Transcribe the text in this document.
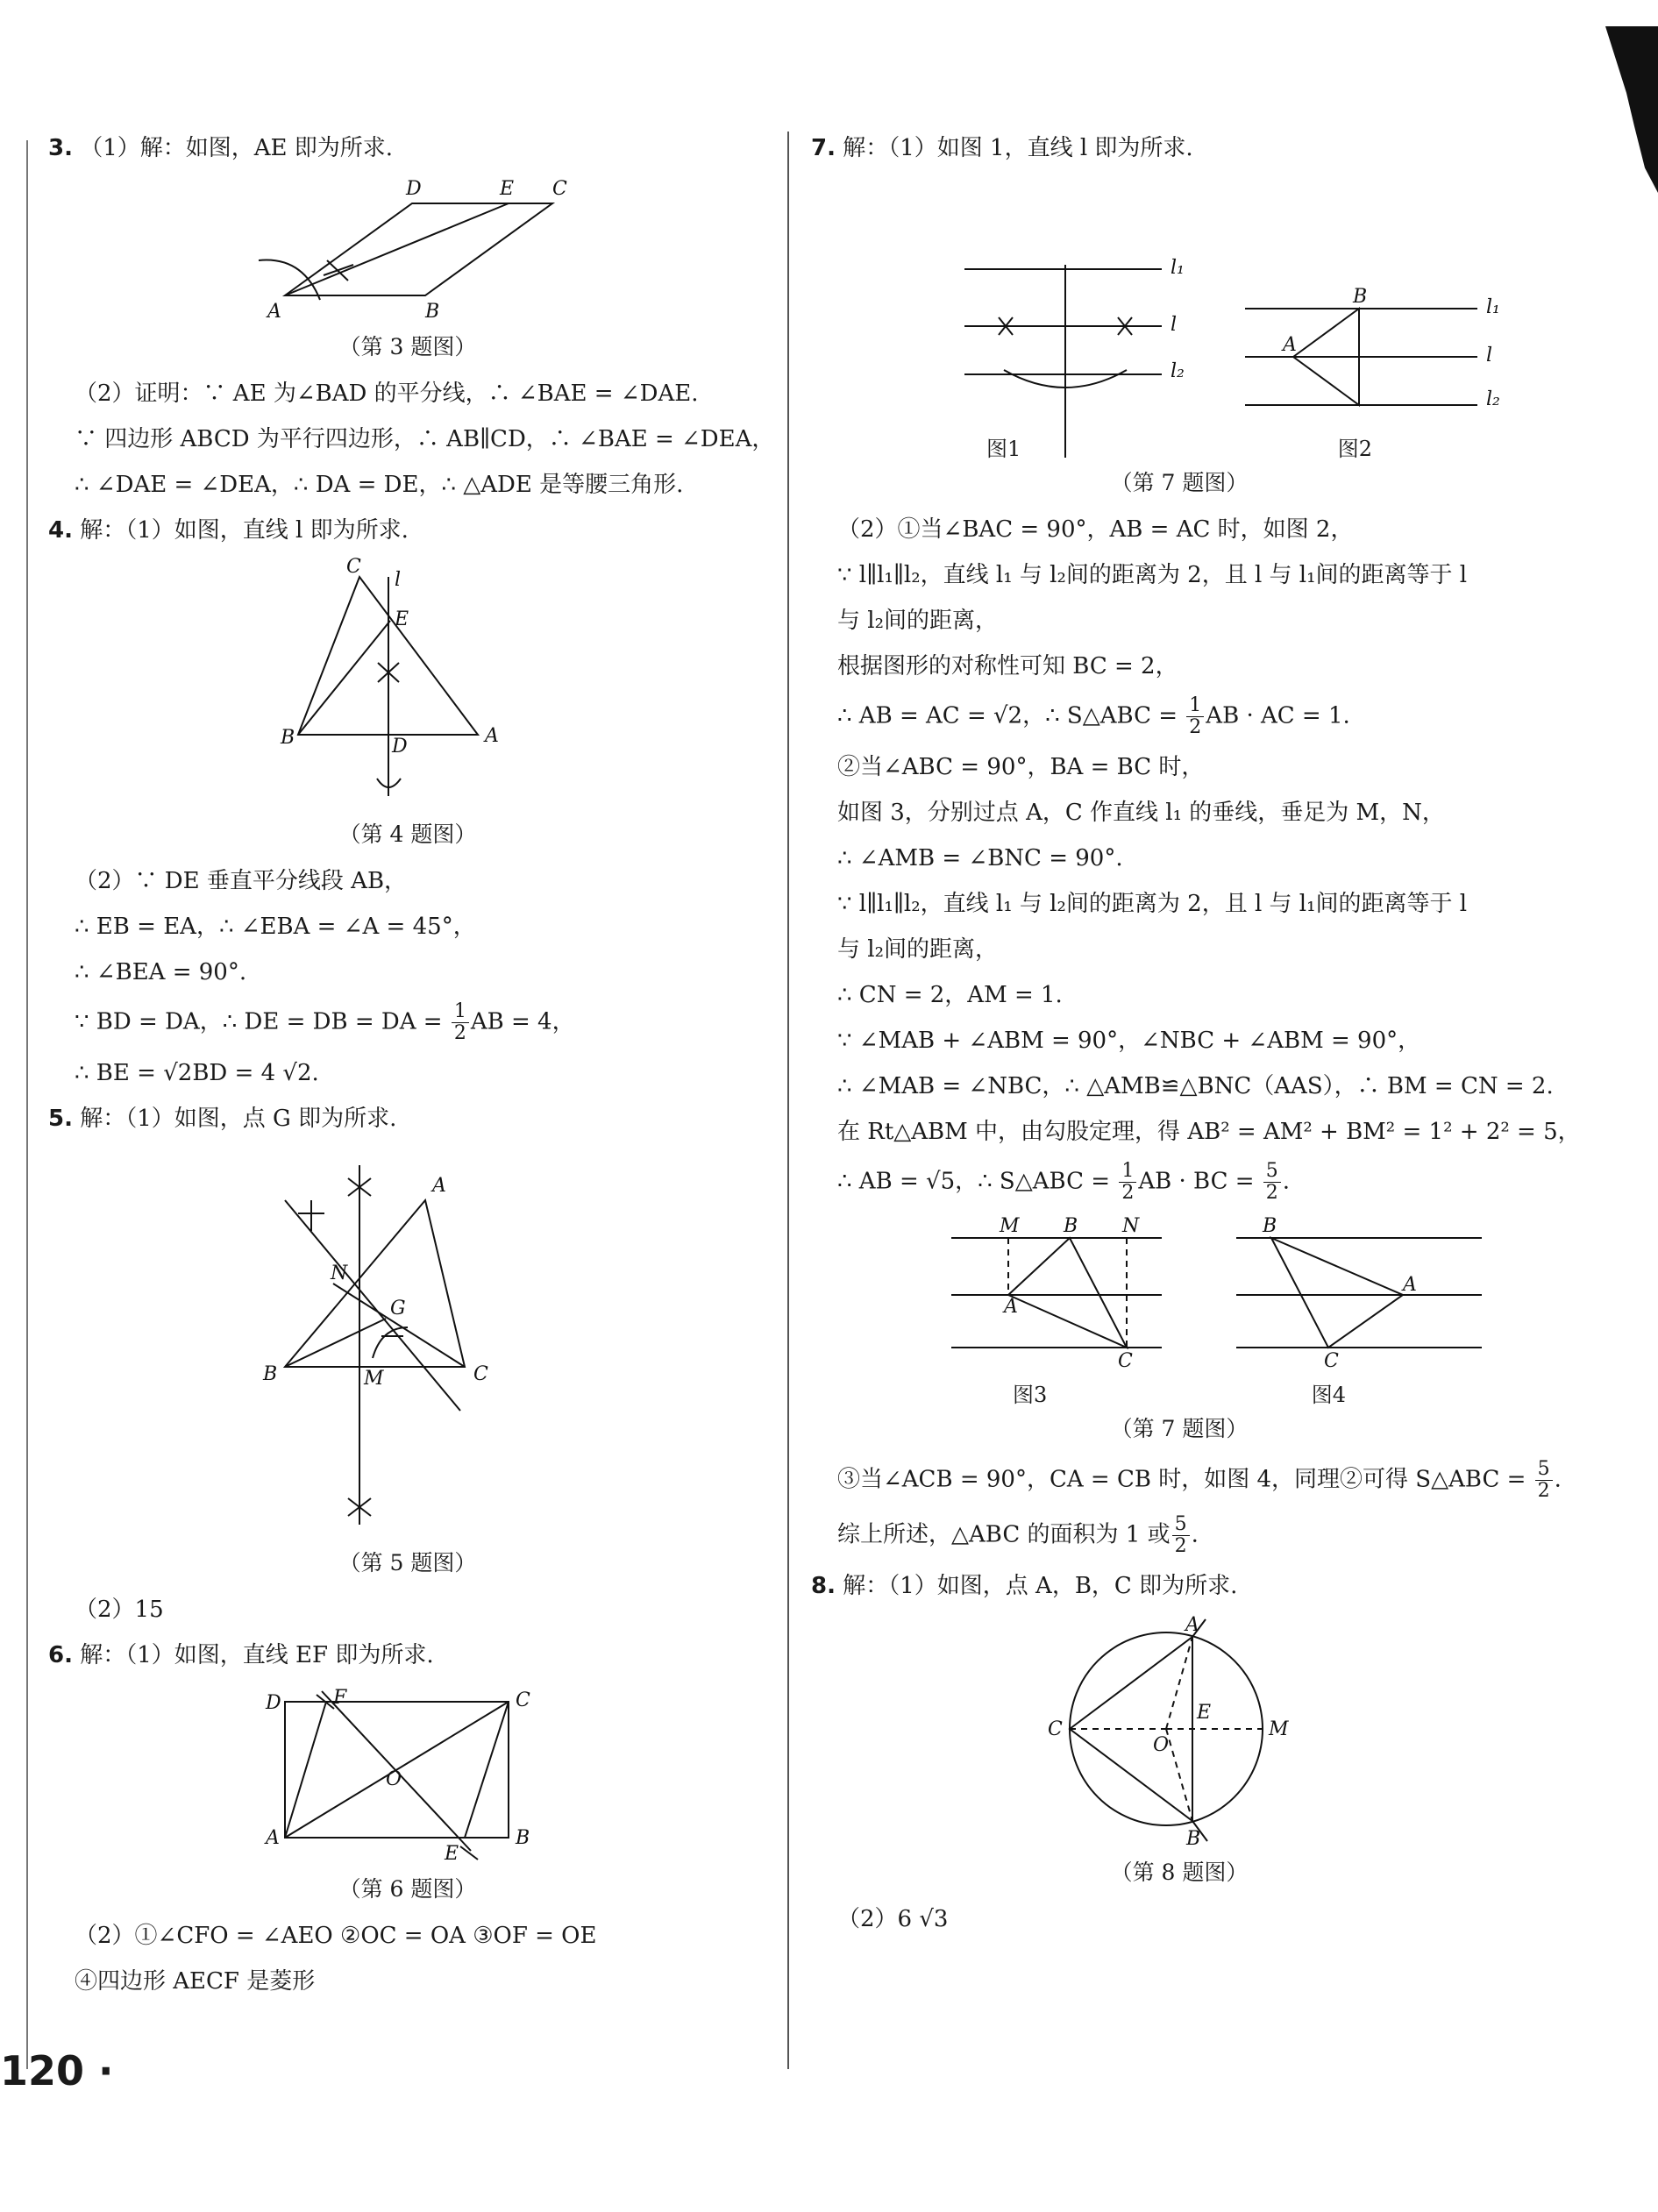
3. （1）解：如图，AE 即为所求.
D	E C
A	B
（第 3 题图）
（2）证明：∵ AE 为∠BAD 的平分线，∴ ∠BAE = ∠DAE.
∵ 四边形 ABCD 为平行四边形，∴ AB∥CD，∴ ∠BAE = ∠DEA，
∴ ∠DAE = ∠DEA，∴ DA = DE，∴ △ADE 是等腰三角形.
4. 解：（1）如图，直线 l 即为所求.
C
l
E
B	D	A
（第 4 题图）
（2）∵ DE 垂直平分线段 AB，
∴ EB = EA，∴ ∠EBA = ∠A = 45°，
∴ ∠BEA = 90°.
∵ BD = DA，∴ DE = DB = DA = $\frac{1}{2}$ AB = 4，
∴ BE = √2BD = 4 √2.
5. 解：（1）如图，点 G 即为所求.
A
N
G
B	M	C
（第 5 题图）
（2）15
6. 解：（1）如图，直线 EF 即为所求.
D	F	C
O
A
E
B
（第 6 题图）
（2）①∠CFO = ∠AEO ②OC = OA ③OF = OE
④四边形 AECF 是菱形
7. 解：（1）如图 1，直线 l 即为所求.
l₁
l
l₂
A
B	l₁
l
l₂
图1	图2
（第 7 题图）
（2）①当∠BAC = 90°，AB = AC 时，如图 2，
∵ l∥l₁∥l₂，直线 l₁ 与 l₂间的距离为 2，且 l 与 l₁间的距离等于 l
与 l₂间的距离，
根据图形的对称性可知 BC = 2，
∴ AB = AC = √2，∴ S△ABC = $\frac{1}{2}$ AB · AC = 1.
②当∠ABC = 90°，BA = BC 时，
如图 3，分别过点 A，C 作直线 l₁ 的垂线，垂足为 M，N，
∴ ∠AMB = ∠BNC = 90°.
∵ l∥l₁∥l₂，直线 l₁ 与 l₂间的距离为 2，且 l 与 l₁间的距离等于 l
与 l₂间的距离，
∴ CN = 2，AM = 1.
∵ ∠MAB + ∠ABM = 90°，∠NBC + ∠ABM = 90°，
∴ ∠MAB = ∠NBC，∴ △AMB≌△BNC（AAS），∴ BM = CN = 2.
在 Rt△ABM 中，由勾股定理，得 AB² = AM² + BM² = 1² + 2² = 5，
∴ AB = √5，∴ S△ABC = $\frac{1}{2}$ AB · BC = $\frac{5}{2}$ .
M B N
A
C
B
A
C
图3	图4
（第 7 题图）
③当∠ACB = 90°，CA = CB 时，如图 4，同理②可得 S△ABC = $\frac{5}{2}$ .
综上所述，△ABC 的面积为 1 或 $\frac{5}{2}$ .
8. 解：（1）如图，点 A，B，C 即为所求.
A
C
E
O
M
B
（第 8 题图）
（2）6 √3
120 ·
